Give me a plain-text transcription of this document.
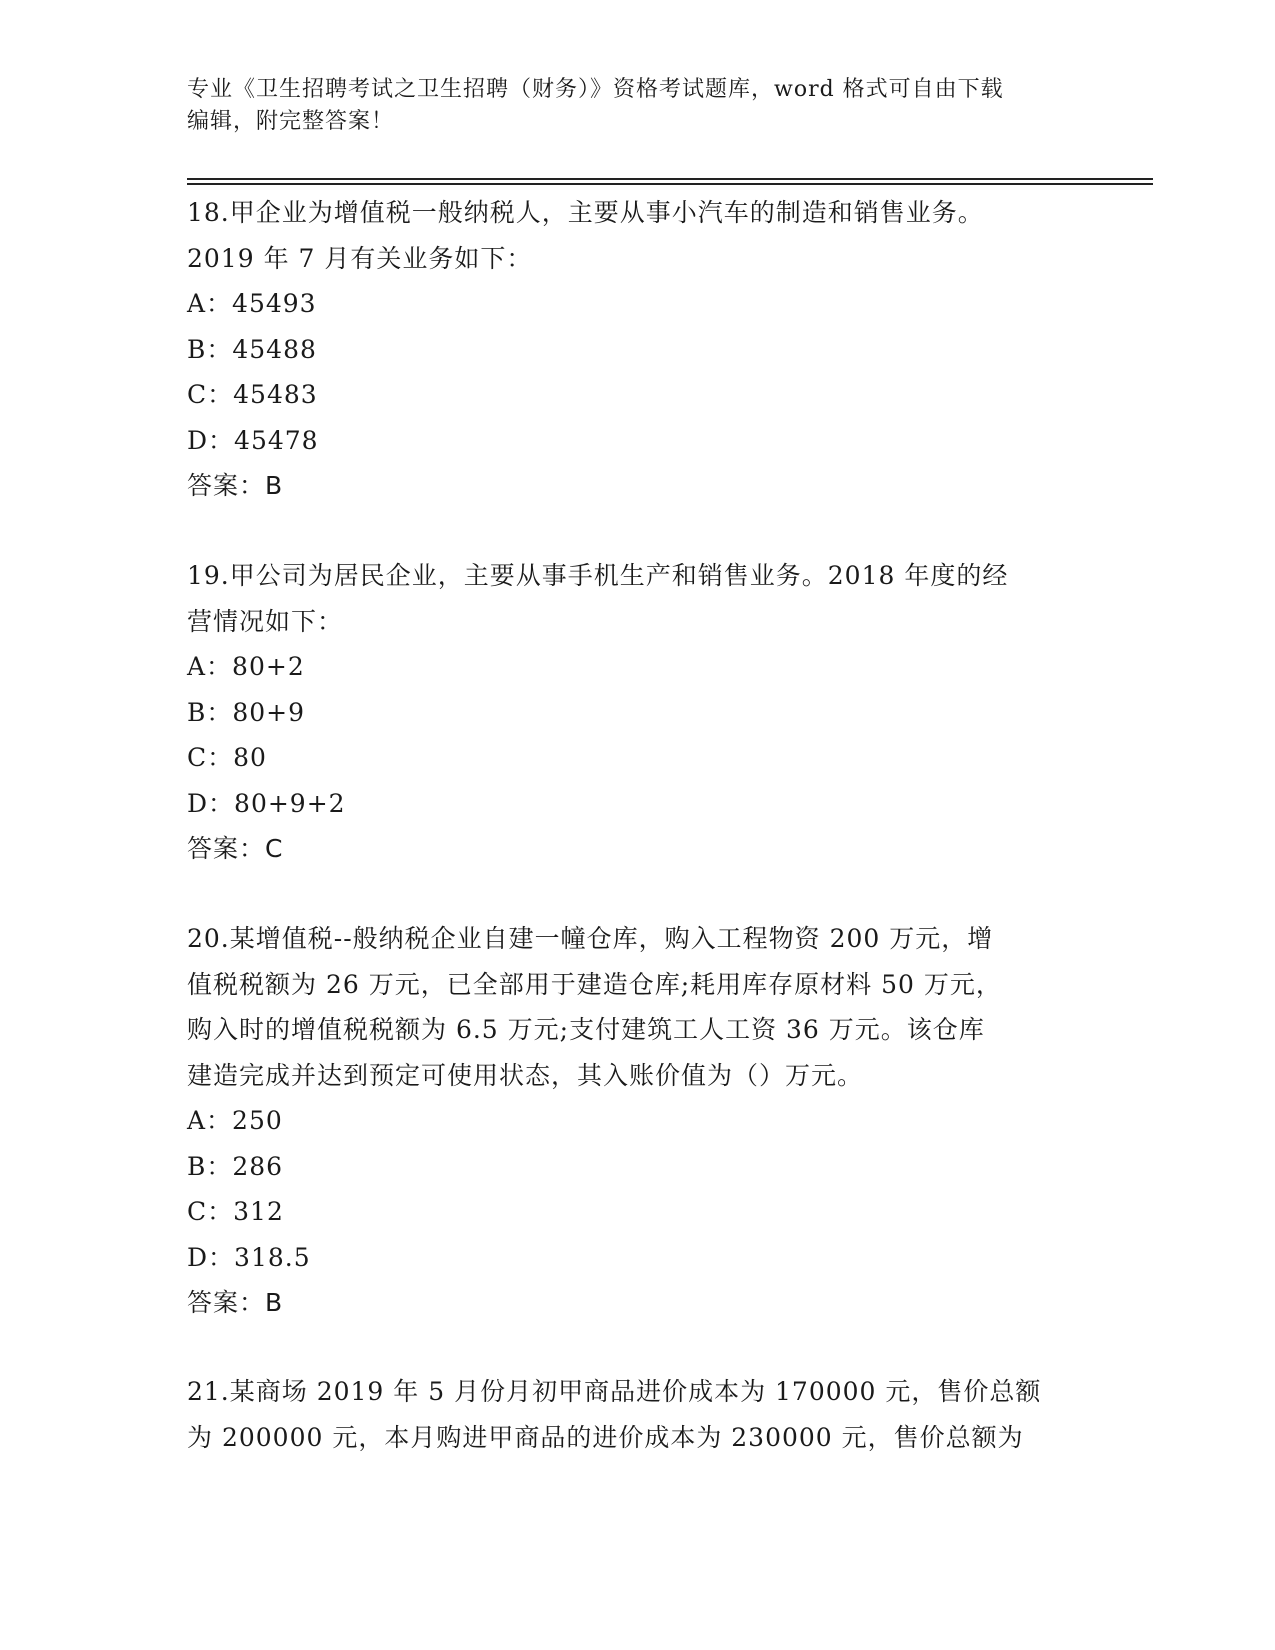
专业《卫生招聘考试之卫生招聘（财务）》资格考试题库，word 格式可自由下载
编辑，附完整答案！

18.甲企业为增值税一般纳税人，主要从事小汽车的制造和销售业务。

2019 年 7 月有关业务如下：

A：45493

B：45488

C：45483

D：45478

答案：B

19.甲公司为居民企业，主要从事手机生产和销售业务。2018 年度的经

营情况如下：

A：80+2

B：80+9

C：80

D：80+9+2

答案：C

20.某增值税--般纳税企业自建一幢仓库，购入工程物资 200 万元，增

值税税额为 26 万元，已全部用于建造仓库;耗用库存原材料 50 万元，

购入时的增值税税额为 6.5 万元;支付建筑工人工资 36 万元。该仓库

建造完成并达到预定可使用状态，其入账价值为（）万元。

A：250

B：286

C：312

D：318.5

答案：B

21.某商场 2019 年 5 月份月初甲商品进价成本为 170000 元，售价总额

为 200000 元，本月购进甲商品的进价成本为 230000 元，售价总额为
